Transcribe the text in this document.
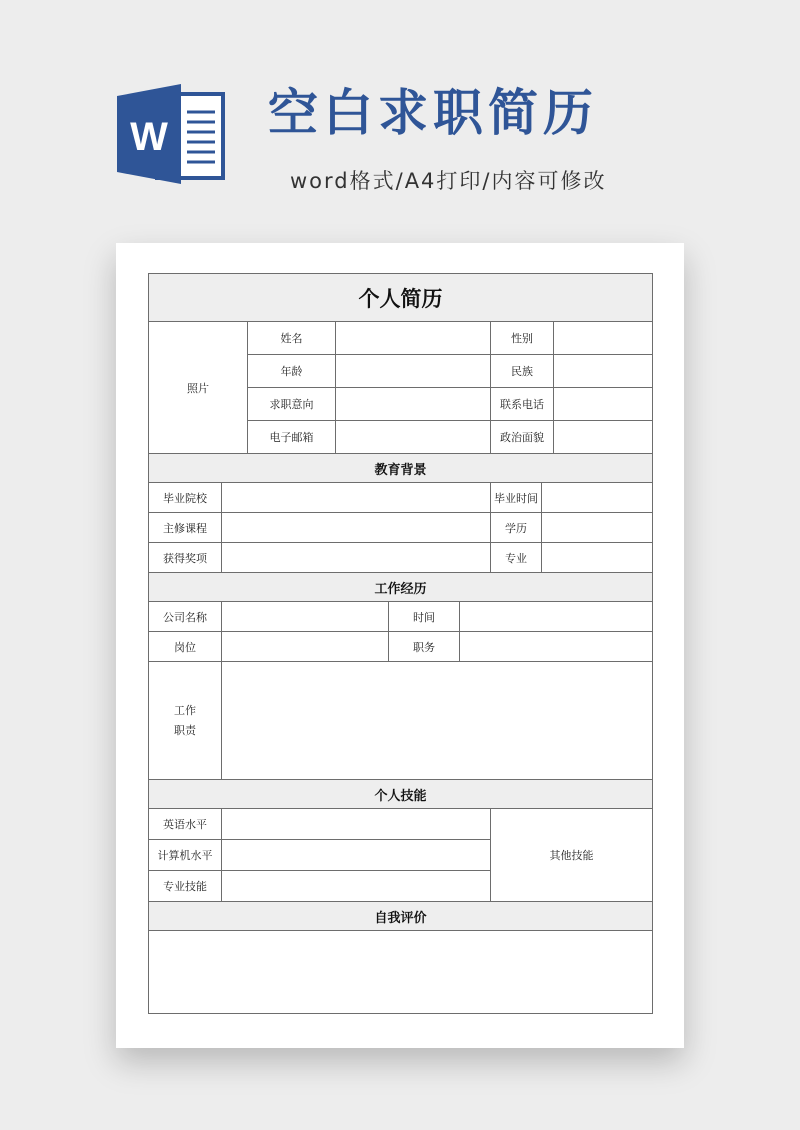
W 空白求职简历
word格式/A4打印/内容可修改
个人简历								
照片		姓名				性别		
		年龄				民族		
		求职意向				联系电话		
		电子邮箱				政治面貌		
教育背景								
毕业院校						毕业时间		
主修课程						学历		
获得奖项						专业		
工作经历								
公司名称				时间				
岗位				职务				

工作
职责								

个人技能								
英语水平						其他技能		
计算机水平								
专业技能								
自我评价								
